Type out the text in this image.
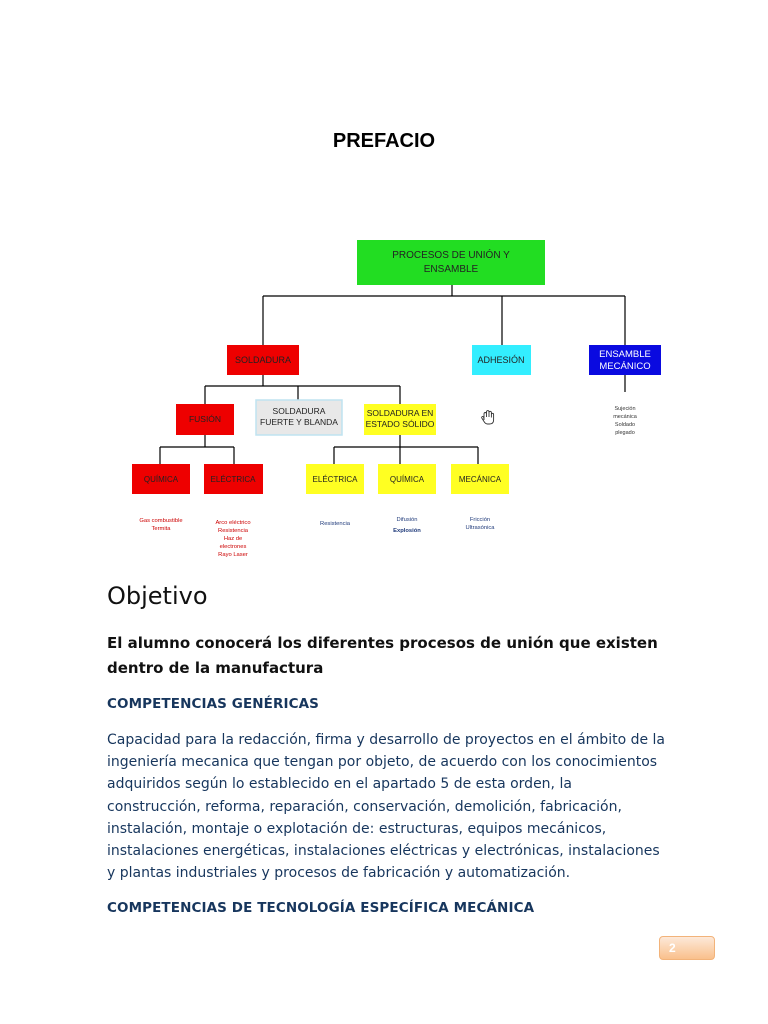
PREFACIO
PROCESOS DE UNIÓN Y
ENSAMBLE
SOLDADURA	ADHESIÓN	ENSAMBLE
MECÁNICO
Sujeción
mecánica
Soldado
plegado
FUSIÓN
SOLDADURA
FUERTE Y BLANDA
SOLDADURA EN
ESTADO SÓLIDO
QUÍMICA	ELÉCTRICA	ELÉCTRICA	QUÍMICA	MECÁNICA
Gas combustible
Termita
Arco eléctrico
Resistencia
Haz de
electrones
Rayo Laser
Resistencia
Difusión
Explosión
Fricción
Ultrasónica
Objetivo
El alumno conocerá los diferentes procesos de unión que existen dentro de la manufactura
COMPETENCIAS GENÉRICAS
Capacidad para la redacción, firma y desarrollo de proyectos en el ámbito de la ingeniería mecanica que tengan por objeto, de acuerdo con los conocimientos adquiridos según lo establecido en el apartado 5 de esta orden, la construcción, reforma, reparación, conservación, demolición, fabricación, instalación, montaje o explotación de: estructuras, equipos mecánicos, instalaciones energéticas, instalaciones eléctricas y electrónicas, instalaciones y plantas industriales y procesos de fabricación y automatización.
COMPETENCIAS DE TECNOLOGÍA ESPECÍFICA MECÁNICA
2
